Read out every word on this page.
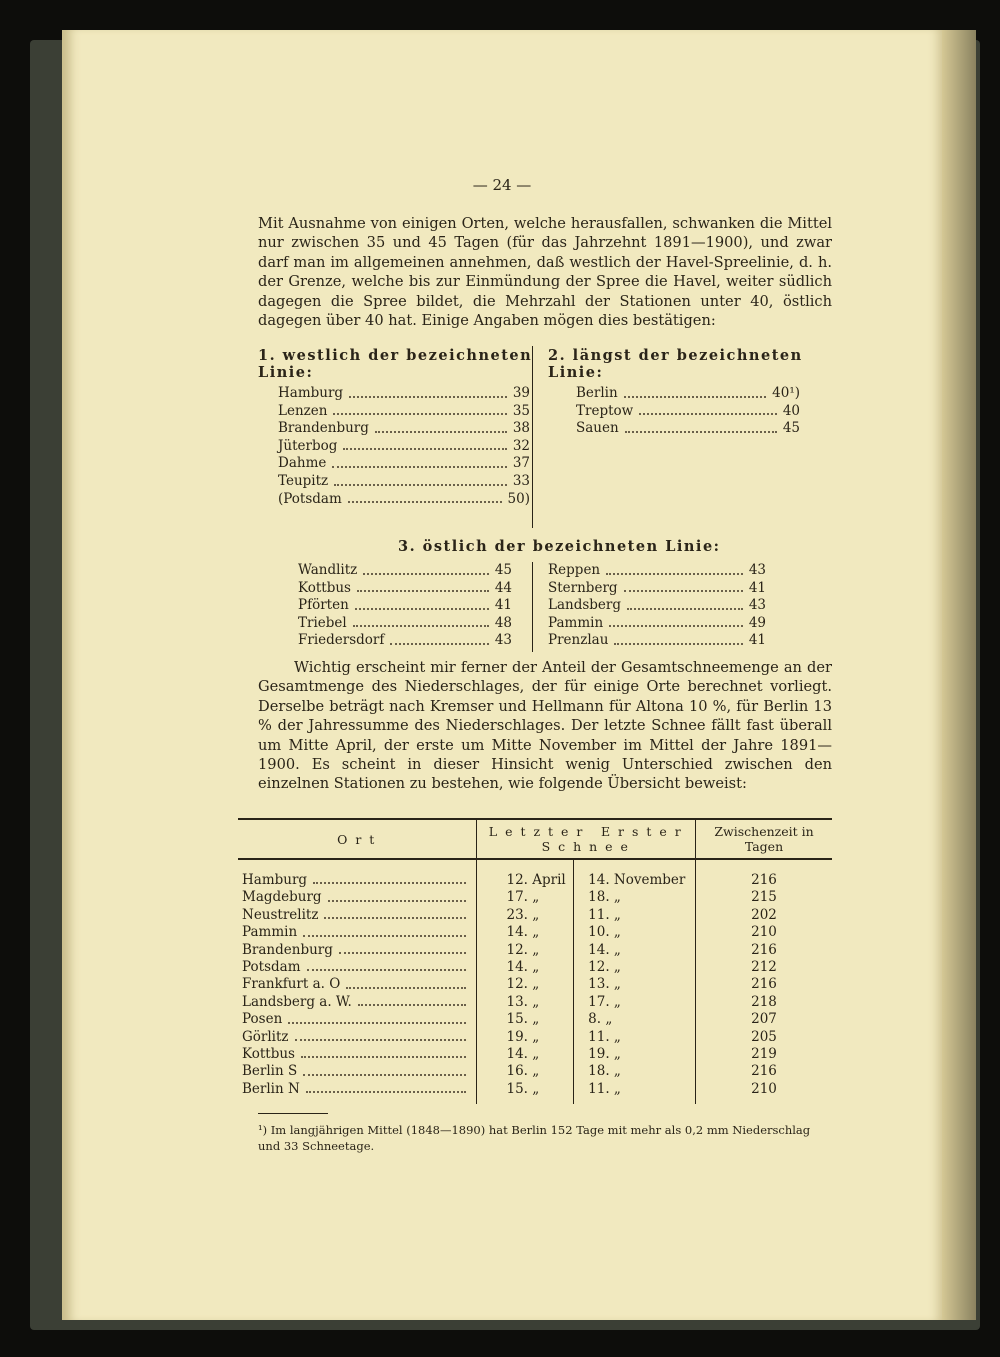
— 24 —

Mit Ausnahme von einigen Orten, welche herausfallen, schwanken die Mittel nur zwischen 35 und 45 Tagen (für das Jahrzehnt 1891—1900), und zwar darf man im allgemeinen annehmen, daß westlich der Havel-Spreelinie, d. h. der Grenze, welche bis zur Einmündung der Spree die Havel, weiter südlich dagegen die Spree bildet, die Mehrzahl der Stationen unter 40, östlich dagegen über 40 hat. Einige Angaben mögen dies bestätigen:

1. westlich der bezeichneten Linie:
Hamburg	39
Lenzen	35
Brandenburg	38
Jüterbog	32
Dahme	37
Teupitz	33
(Potsdam	50)
2. längst der bezeichneten Linie:
Berlin	40¹)
Treptow	40
Sauen	45
3. östlich der bezeichneten Linie:
Wandlitz	45
Kottbus	44
Pförten	41
Triebel	48
Friedersdorf	43
Reppen	43
Sternberg	41
Landsberg	43
Pammin	49
Prenzlau	41

Wichtig erscheint mir ferner der Anteil der Gesamtschneemenge an der Gesamtmenge des Niederschlages, der für einige Orte berechnet vorliegt. Derselbe beträgt nach Kremser und Hellmann für Altona 10 %, für Berlin 13 % der Jahressumme des Niederschlages. Der letzte Schnee fällt fast überall um Mitte April, der erste um Mitte November im Mittel der Jahre 1891—1900. Es scheint in dieser Hinsicht wenig Unterschied zwischen den einzelnen Stationen zu bestehen, wie folgende Übersicht beweist:

O r t	L e t z t e r E r s t e r
S c h n e e		Zwischenzeit in Tagen

Hamburg	12. April	14. November	216

Magdeburg	17. „	18. „	215

Neustrelitz	23. „	11. „	202

Pammin	14. „	10. „	210

Brandenburg	12. „	14. „	216

Potsdam	14. „	12. „	212

Frankfurt a. O	12. „	13. „	216

Landsberg a. W.	13. „	17. „	218

Posen	15. „	8. „	207

Görlitz	19. „	11. „	205

Kottbus	14. „	19. „	219

Berlin S	16. „	18. „	216

Berlin N	15. „	11. „	210

¹) Im langjährigen Mittel (1848—1890) hat Berlin 152 Tage mit mehr als 0,2 mm Niederschlag und 33 Schneetage.
